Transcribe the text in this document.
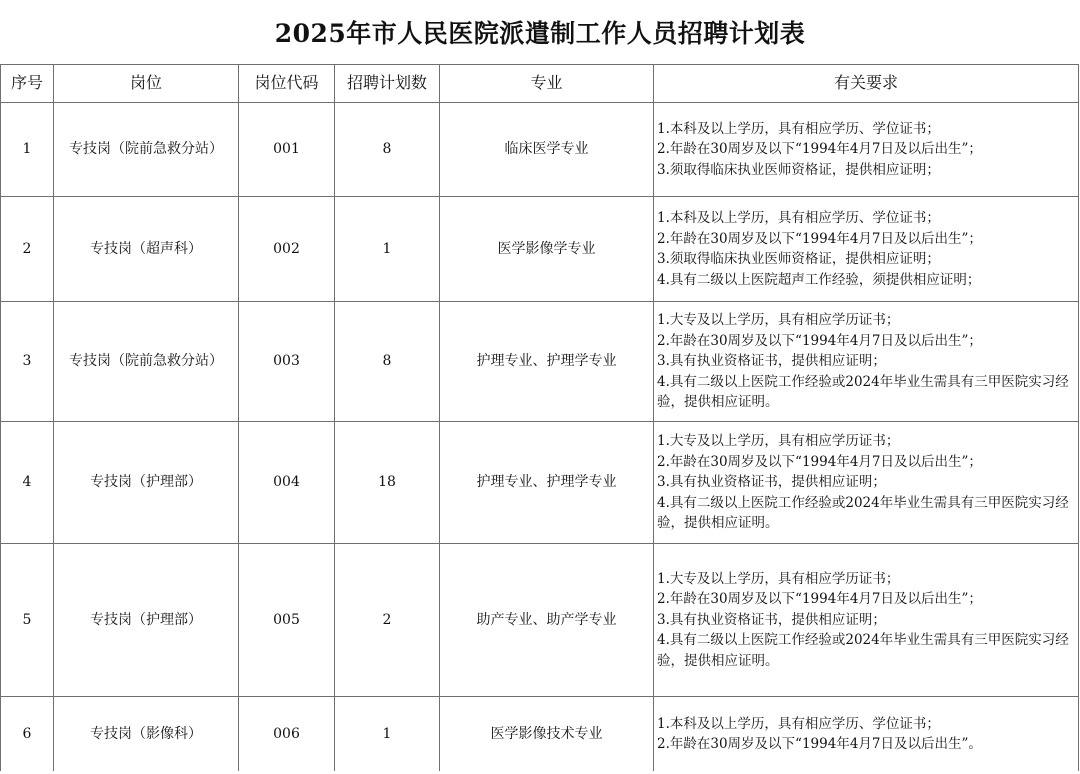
2025年市人民医院派遣制工作人员招聘计划表
序号	岗位	岗位代码	招聘计划数	专业	有关要求
1	专技岗（院前急救分站）	001	8	临床医学专业	1.本科及以上学历，具有相应学历、学位证书；
2.年龄在30周岁及以下“1994年4月7日及以后出生”；
3.须取得临床执业医师资格证，提供相应证明；

2	专技岗（超声科）	002	1	医学影像学专业	1.本科及以上学历，具有相应学历、学位证书；
2.年龄在30周岁及以下“1994年4月7日及以后出生”；
3.须取得临床执业医师资格证，提供相应证明；
4.具有二级以上医院超声工作经验，须提供相应证明；

3	专技岗（院前急救分站）	003	8	护理专业、护理学专业	1.大专及以上学历，具有相应学历证书；
2.年龄在30周岁及以下“1994年4月7日及以后出生”；
3.具有执业资格证书，提供相应证明；
4.具有二级以上医院工作经验或2024年毕业生需具有三甲医院实习经验，提供相应证明。

4	专技岗（护理部）	004	18	护理专业、护理学专业	1.大专及以上学历，具有相应学历证书；
2.年龄在30周岁及以下“1994年4月7日及以后出生”；
3.具有执业资格证书，提供相应证明；
4.具有二级以上医院工作经验或2024年毕业生需具有三甲医院实习经验，提供相应证明。

5	专技岗（护理部）	005	2	助产专业、助产学专业	1.大专及以上学历，具有相应学历证书；
2.年龄在30周岁及以下“1994年4月7日及以后出生”；
3.具有执业资格证书，提供相应证明；
4.具有二级以上医院工作经验或2024年毕业生需具有三甲医院实习经验，提供相应证明。

6	专技岗（影像科）	006	1	医学影像技术专业	1.本科及以上学历，具有相应学历、学位证书；
2.年龄在30周岁及以下“1994年4月7日及以后出生”。
